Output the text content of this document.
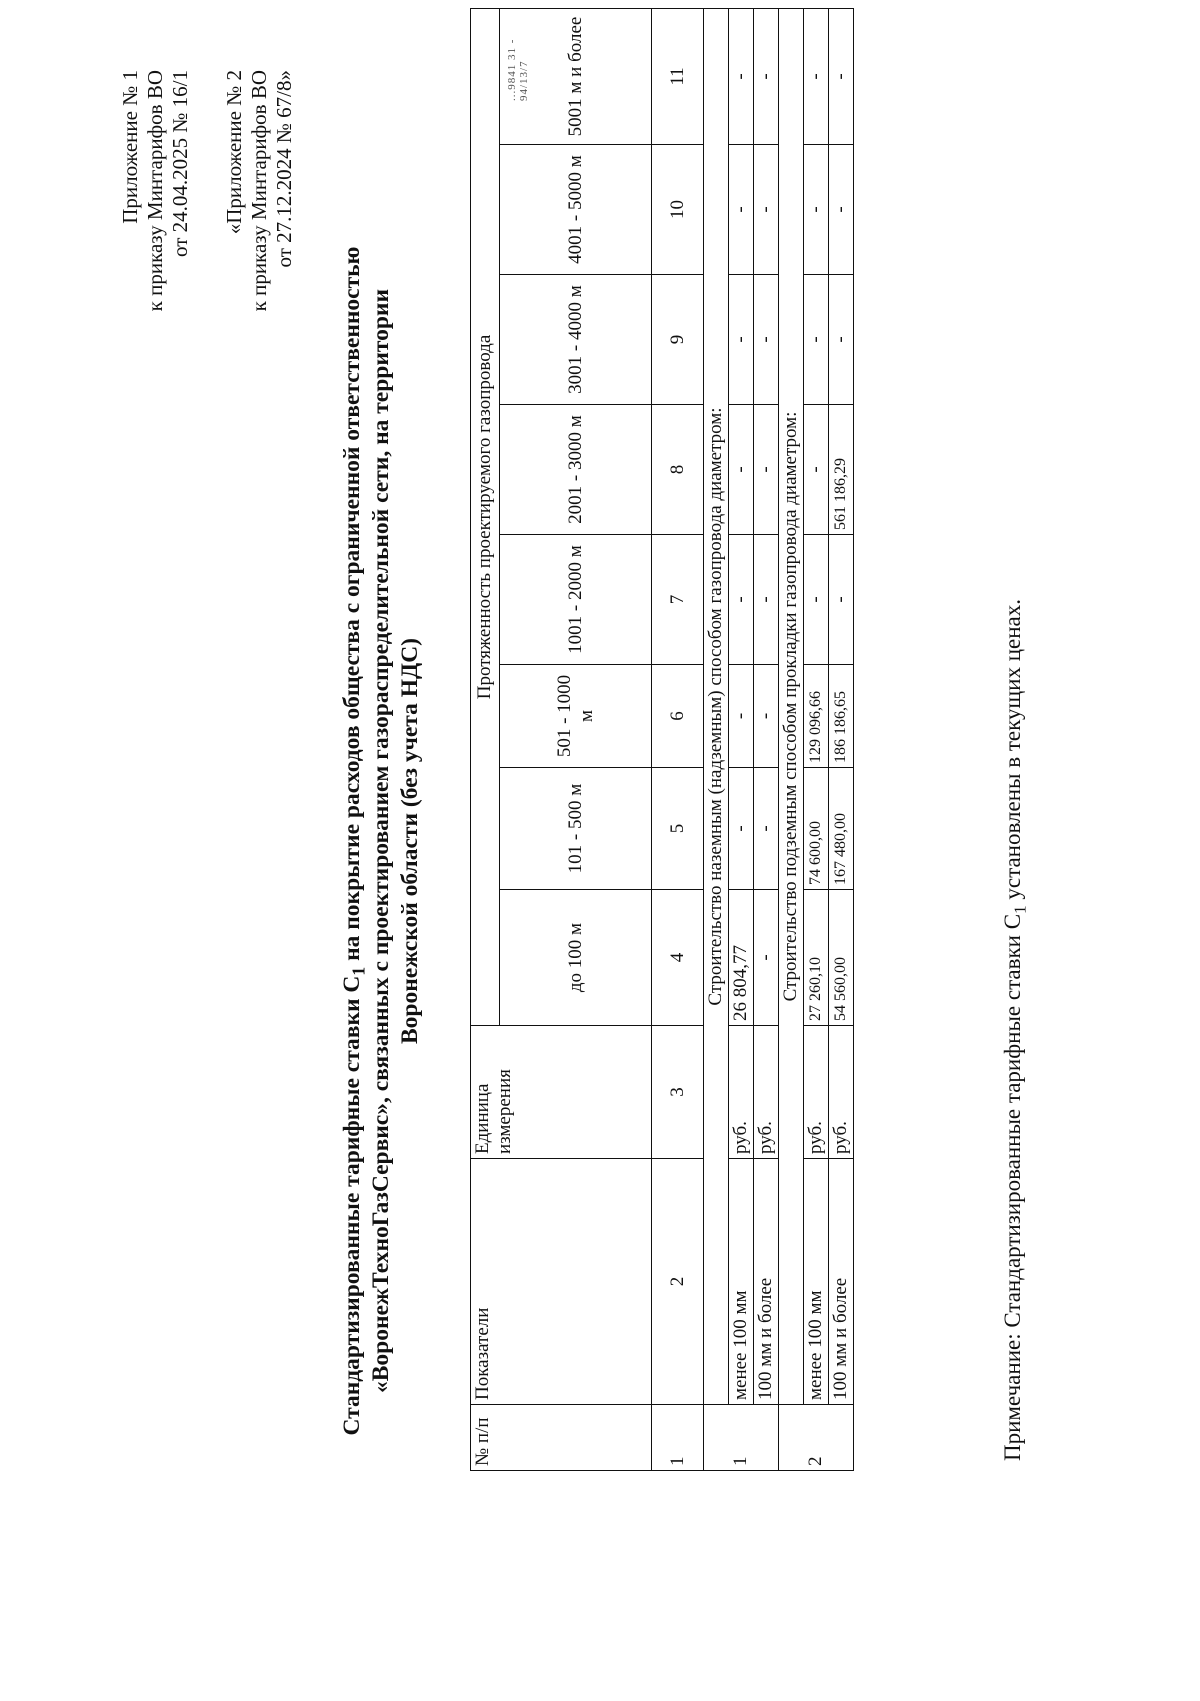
...9841 31 - 94/13/7
Приложение № 1 к приказу Минтарифов ВО от 24.04.2025 № 16/1 «Приложение № 2 к приказу Минтарифов ВО от 27.12.2024 № 67/8»
Стандартизированные тарифные ставки $С_1$ на покрытие расходов общества с ограниченной ответственностью «ВоронежТехноГазСервис», связанных с проектированием газораспределительной сети, на территории Воронежской области (без учета НДС)
№ п/п	Показатели	Единица измерения	Протяженность проектируемого газопровода							
			до 100 м	101 - 500 м	501 - 1000 м	1001 - 2000 м	2001 - 3000 м	3001 - 4000 м	4001 - 5000 м	5001 м и более
1	2	3	4	5	6	7	8	9	10	11
1	Строительство наземным (надземным) способом газопровода диаметром:									
	менее 100 мм	руб.	26 804,77	-	-	-	-	-	-	-
	100 мм и более	руб.	-	-	-	-	-	-	-	-
2	Строительство подземным способом прокладки газопровода диаметром:									
	менее 100 мм	руб.	27 260,10	74 600,00	129 096,66	-	-	-	-	-
	100 мм и более	руб.	54 560,00	167 480,00	186 186,65	-	561 186,29	-	-	-
Примечание: Стандартизированные тарифные ставки $С_1$ установлены в текущих ценах.
